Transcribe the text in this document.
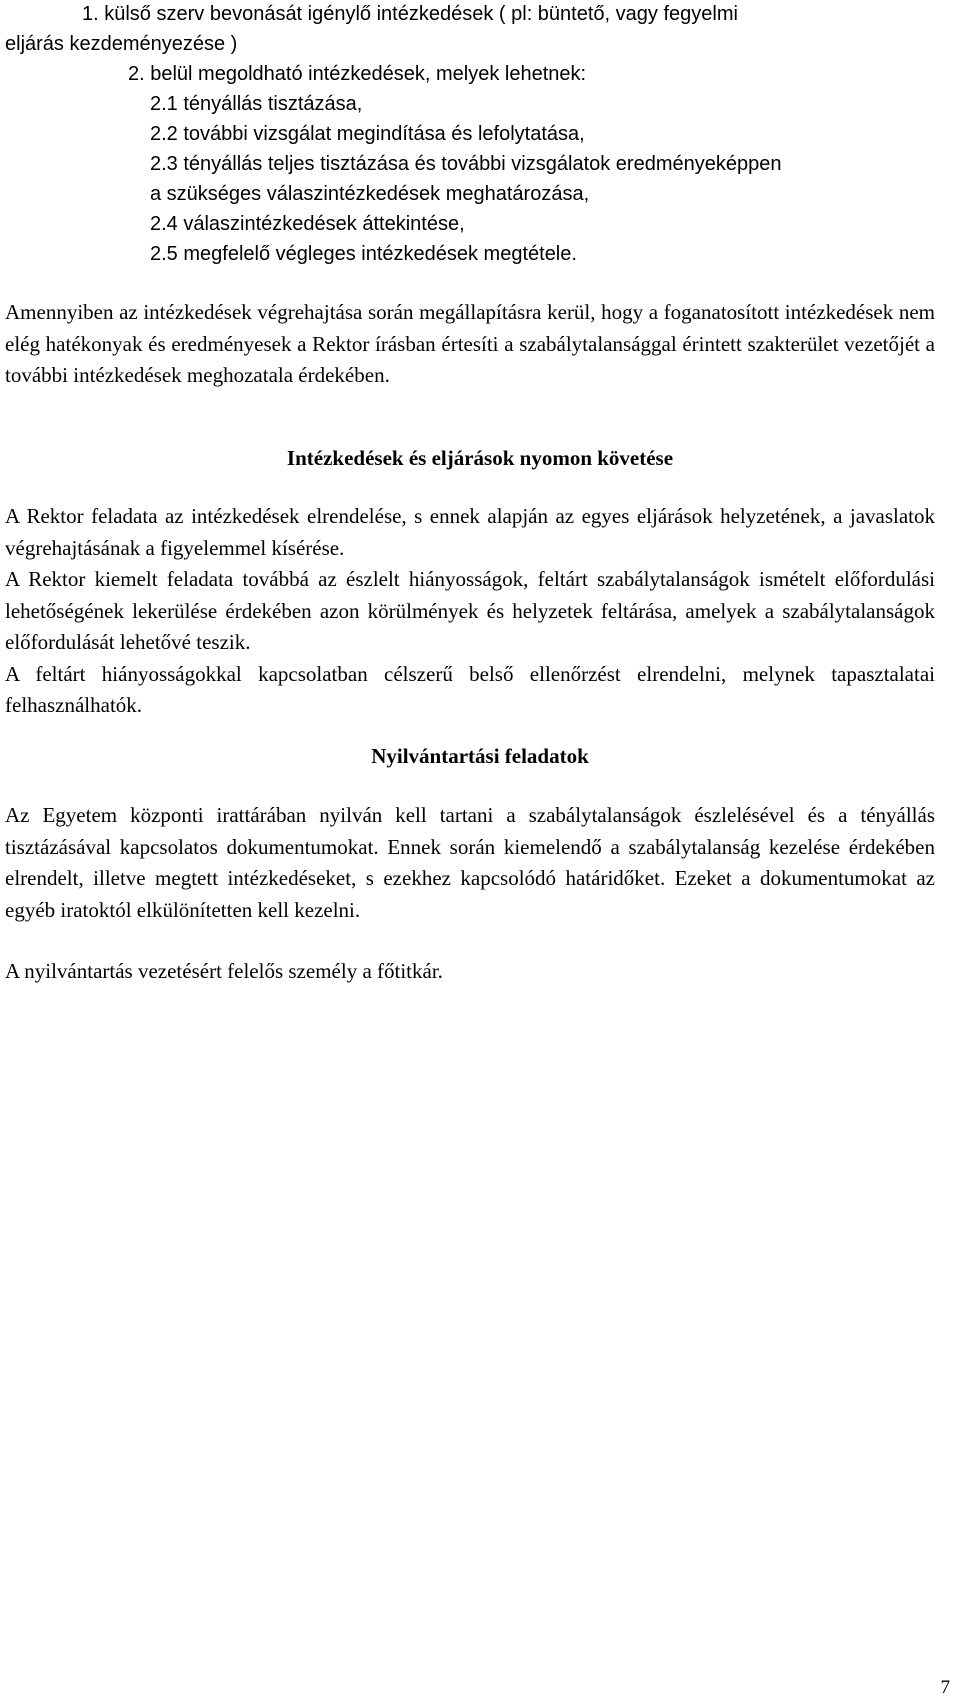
1. külső szerv bevonását igénylő intézkedések ( pl: büntető, vagy fegyelmi
eljárás kezdeményezése )
2. belül megoldható intézkedések, melyek lehetnek:
2.1 tényállás tisztázása,
2.2 további vizsgálat megindítása és lefolytatása,
2.3 tényállás teljes tisztázása és további vizsgálatok eredményeképpen
a szükséges válaszintézkedések meghatározása,
2.4 válaszintézkedések áttekintése,
2.5 megfelelő végleges intézkedések megtétele.

Amennyiben az intézkedések végrehajtása során megállapításra kerül, hogy a foganatosított intézkedések nem elég hatékonyak és eredményesek a Rektor írásban értesíti a szabálytalansággal érintett szakterület vezetőjét a további intézkedések meghozatala érdekében.

Intézkedések és eljárások nyomon követése

A Rektor feladata az intézkedések elrendelése, s ennek alapján az egyes eljárások helyzetének, a javaslatok végrehajtásának a figyelemmel kísérése.

A Rektor kiemelt feladata továbbá az észlelt hiányosságok, feltárt szabálytalanságok ismételt előfordulási lehetőségének lekerülése érdekében azon körülmények és helyzetek feltárása, amelyek a szabálytalanságok előfordulását lehetővé teszik.

A feltárt hiányosságokkal kapcsolatban célszerű belső ellenőrzést elrendelni, melynek tapasztalatai felhasználhatók.

Nyilvántartási feladatok

Az Egyetem központi irattárában nyilván kell tartani a szabálytalanságok észlelésével és a tényállás tisztázásával kapcsolatos dokumentumokat. Ennek során kiemelendő a szabálytalanság kezelése érdekében elrendelt, illetve megtett intézkedéseket, s ezekhez kapcsolódó határidőket. Ezeket a dokumentumokat az egyéb iratoktól elkülönítetten kell kezelni.

A nyilvántartás vezetésért felelős személy a főtitkár.

7
